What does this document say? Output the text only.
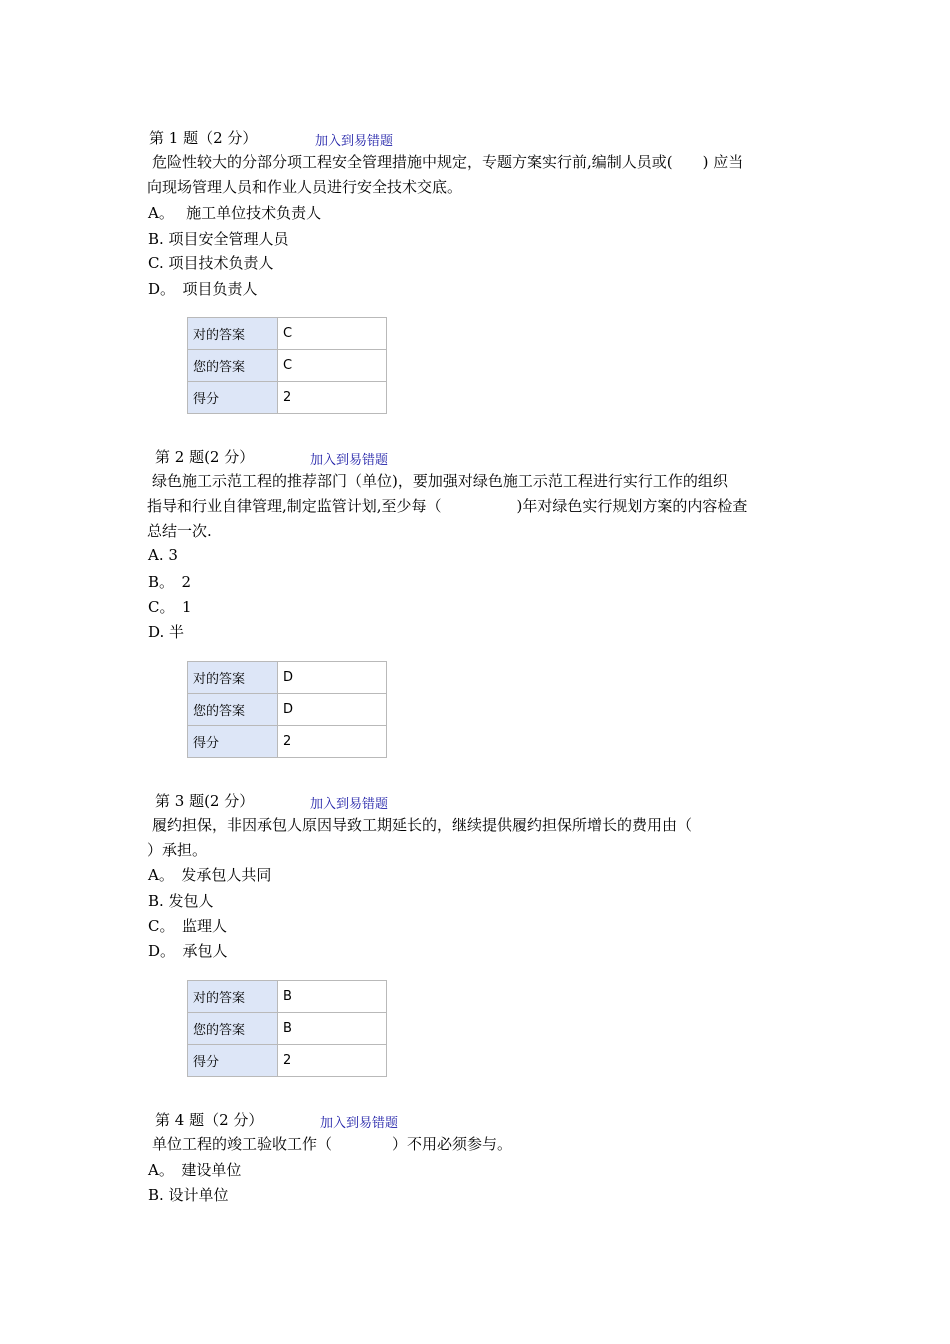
第 1 题（2 分）	加入到易错题
危险性较大的分部分项工程安全管理措施中规定，专题方案实行前,编制人员或(　　) 应当
向现场管理人员和作业人员进行安全技术交底。
A。　 施工单位技术负责人
B. 项目安全管理人员
C. 项目技术负责人
D。　项目负责人
对的答案	C
您的答案	C
得分	2
第 2 题(2 分）	加入到易错题
绿色施工示范工程的推荐部门（单位)，要加强对绿色施工示范工程进行实行工作的组织
指导和行业自律管理,制定监管计划,至少每（　　　　　)年对绿色实行规划方案的内容检查
总结一次.
A. 3
B。　2
C。　1
D. 半
对的答案	D
您的答案	D
得分	2
第 3 题(2 分）	加入到易错题
履约担保，非因承包人原因导致工期延长的，继续提供履约担保所增长的费用由（
）承担。
A。　发承包人共同
B. 发包人
C。　监理人
D。　承包人
对的答案	B
您的答案	B
得分	2
第 4 题（2 分）	加入到易错题
单位工程的竣工验收工作（　　　　）不用必须参与。
A。　建设单位
B. 设计单位
